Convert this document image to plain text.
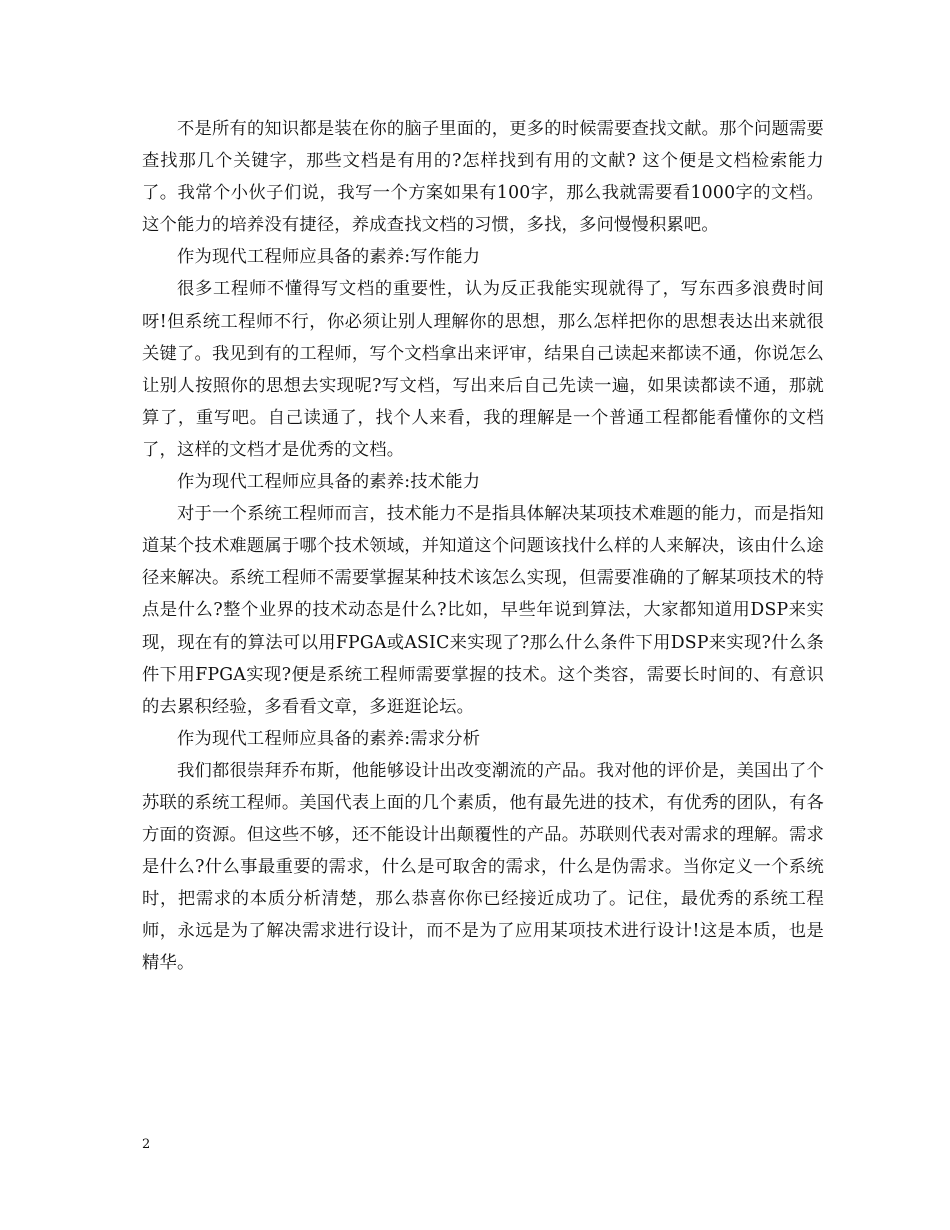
不是所有的知识都是装在你的脑子里面的，更多的时候需要查找文献。那个问题需要查找那几个关键字，那些文档是有用的?怎样找到有用的文献? 这个便是文档检索能力了。我常个小伙子们说，我写一个方案如果有100字，那么我就需要看1000字的文档。这个能力的培养没有捷径，养成查找文档的习惯，多找，多问慢慢积累吧。

作为现代工程师应具备的素养:写作能力

很多工程师不懂得写文档的重要性，认为反正我能实现就得了，写东西多浪费时间呀!但系统工程师不行，你必须让别人理解你的思想，那么怎样把你的思想表达出来就很关键了。我见到有的工程师，写个文档拿出来评审，结果自己读起来都读不通，你说怎么让别人按照你的思想去实现呢?写文档，写出来后自己先读一遍，如果读都读不通，那就算了，重写吧。自己读通了，找个人来看，我的理解是一个普通工程都能看懂你的文档了，这样的文档才是优秀的文档。

作为现代工程师应具备的素养:技术能力

对于一个系统工程师而言，技术能力不是指具体解决某项技术难题的能力，而是指知道某个技术难题属于哪个技术领域，并知道这个问题该找什么样的人来解决，该由什么途径来解决。系统工程师不需要掌握某种技术该怎么实现，但需要准确的了解某项技术的特点是什么?整个业界的技术动态是什么?比如，早些年说到算法，大家都知道用DSP来实现，现在有的算法可以用FPGA或ASIC来实现了?那么什么条件下用DSP来实现?什么条件下用FPGA实现?便是系统工程师需要掌握的技术。这个类容，需要长时间的、有意识的去累积经验，多看看文章，多逛逛论坛。

作为现代工程师应具备的素养:需求分析

我们都很崇拜乔布斯，他能够设计出改变潮流的产品。我对他的评价是，美国出了个苏联的系统工程师。美国代表上面的几个素质，他有最先进的技术，有优秀的团队，有各方面的资源。但这些不够，还不能设计出颠覆性的产品。苏联则代表对需求的理解。需求是什么?什么事最重要的需求，什么是可取舍的需求，什么是伪需求。当你定义一个系统时，把需求的本质分析清楚，那么恭喜你你已经接近成功了。记住，最优秀的系统工程师，永远是为了解决需求进行设计，而不是为了应用某项技术进行设计!这是本质，也是精华。

2
